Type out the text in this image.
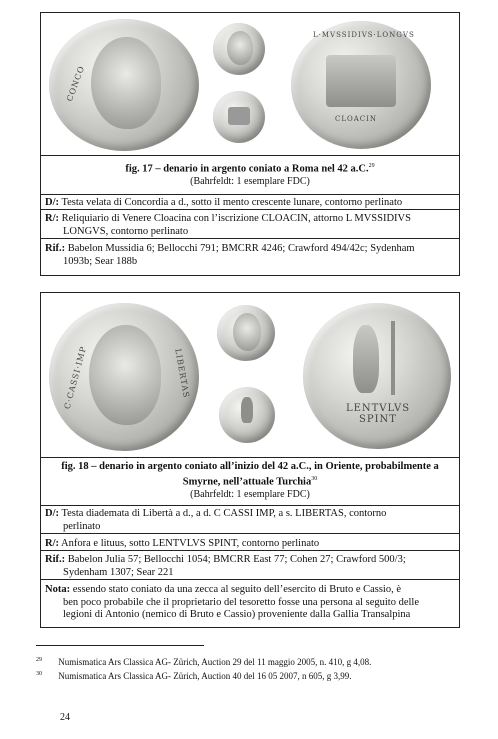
CONCO
L·MVSSIDIVS·LONGVS
CLOACIN
fig. 17 – denario in argento coniato a Roma nel 42 a.C.$^{29}$
(Bahrfeldt: 1 esemplare FDC)
D/: Testa velata di Concordia a d., sotto il mento crescente lunare, contorno perlinato
R/: Reliquiario di Venere Cloacina con l’iscrizione CLOACIN, attorno L MVSSIDIVS
LONGVS, contorno perlinato
Rif.: Babelon Mussidia 6; Bellocchi 791; BMCRR 4246; Crawford 494/42c; Sydenham
1093b; Sear 188b
C·CASSI·IMP	LIBERTAS
LENTVLVS SPINT
fig. 18 – denario in argento coniato all’inizio del 42 a.C., in Oriente, probabilmente a
Smyrne, nell’attuale Turchia$^{30}$
(Bahrfeldt: 1 esemplare FDC)
D/: Testa diademata di Libertà a d., a d. C CASSI IMP, a s. LIBERTAS, contorno
perlinato
R/: Anfora e lituus, sotto LENTVLVS SPINT, contorno perlinato
Rif.: Babelon Julia 57; Bellocchi 1054; BMCRR East 77; Cohen 27; Crawford 500/3;
Sydenham 1307; Sear 221
Nota: essendo stato coniato da una zecca al seguito dell’esercito di Bruto e Cassio, è
ben poco probabile che il proprietario del tesoretto fosse una persona al seguito delle
legioni di Antonio (nemico di Bruto e Cassio) proveniente dalla Gallia Transalpina
$^{29}$ Numismatica Ars Classica AG- Zürich, Auction 29 del 11 maggio 2005, n. 410, g 4,08.
$^{30}$ Numismatica Ars Classica AG- Zürich, Auction 40 del 16 05 2007, n 605, g 3,99.
24
